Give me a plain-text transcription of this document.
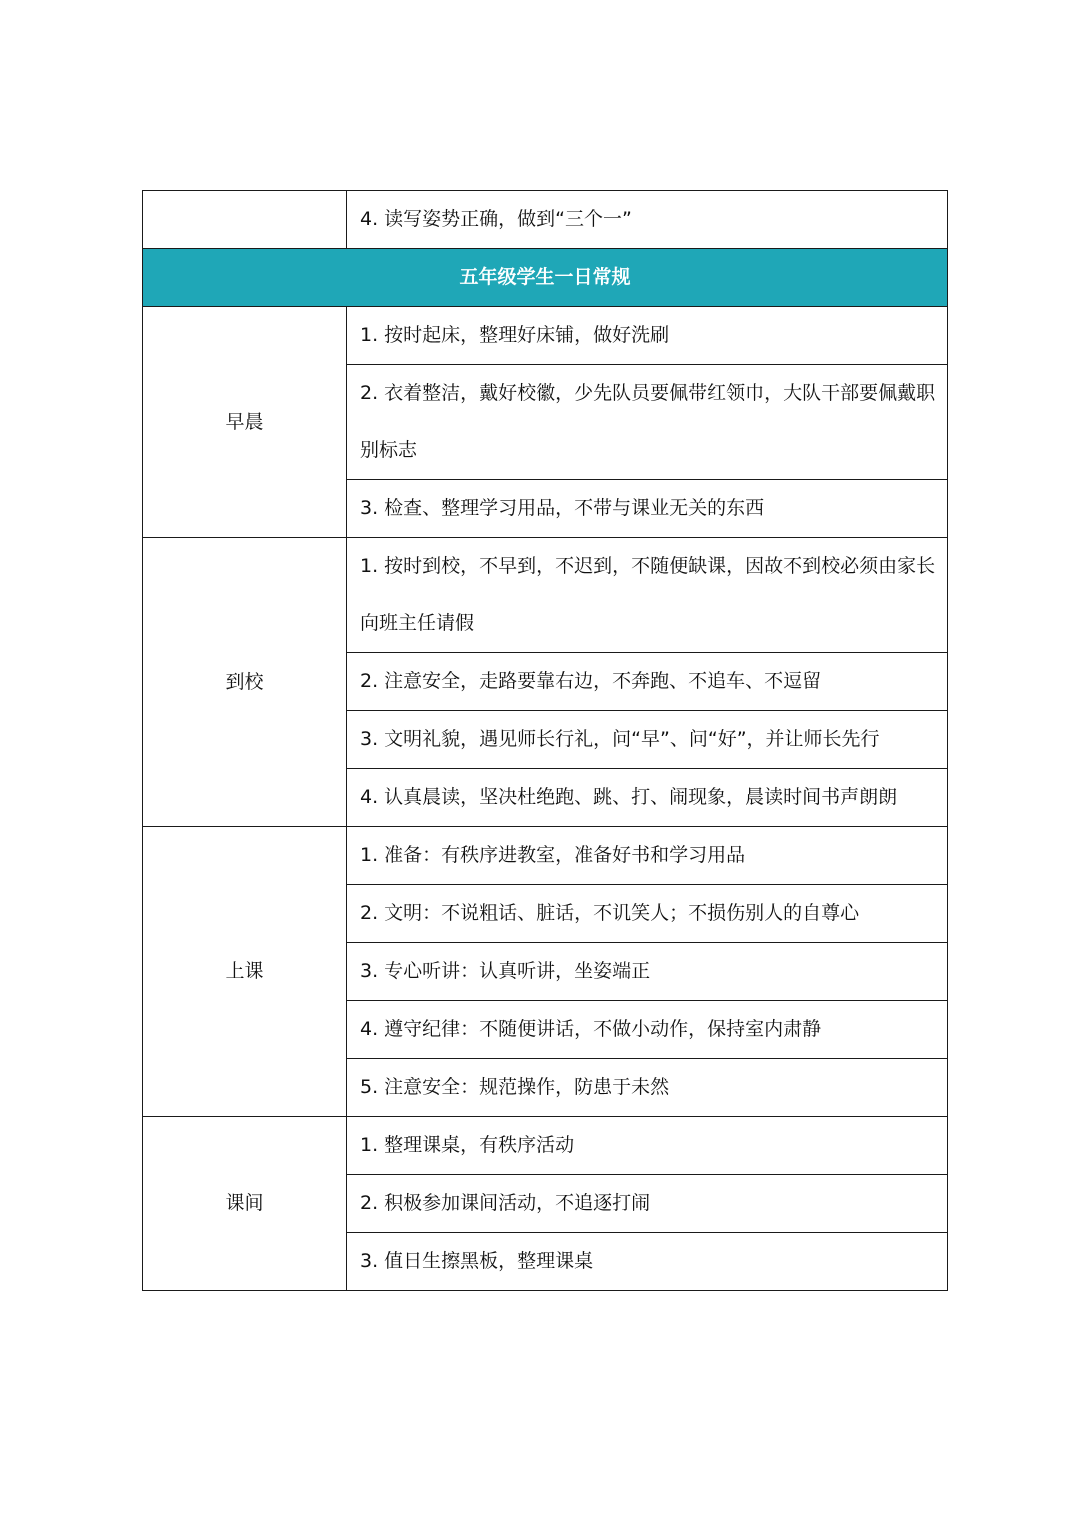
	4. 读写姿势正确，做到“三个一”
五年级学生一日常规	
早晨	1. 按时起床，整理好床铺，做好洗刷
	2. 衣着整洁，戴好校徽，少先队员要佩带红领巾，大队干部要佩戴职别标志
	3. 检查、整理学习用品，不带与课业无关的东西
到校	1. 按时到校，不早到，不迟到，不随便缺课，因故不到校必须由家长向班主任请假
	2. 注意安全，走路要靠右边，不奔跑、不追车、不逗留
	3. 文明礼貌，遇见师长行礼，问“早”、问“好”，并让师长先行
	4. 认真晨读，坚决杜绝跑、跳、打、闹现象，晨读时间书声朗朗
上课	1. 准备：有秩序进教室，准备好书和学习用品
	2. 文明：不说粗话、脏话，不讥笑人；不损伤别人的自尊心
	3. 专心听讲：认真听讲，坐姿端正
	4. 遵守纪律：不随便讲话，不做小动作，保持室内肃静
	5. 注意安全：规范操作，防患于未然
课间	1. 整理课桌，有秩序活动
	2. 积极参加课间活动，不追逐打闹
	3. 值日生擦黑板，整理课桌
